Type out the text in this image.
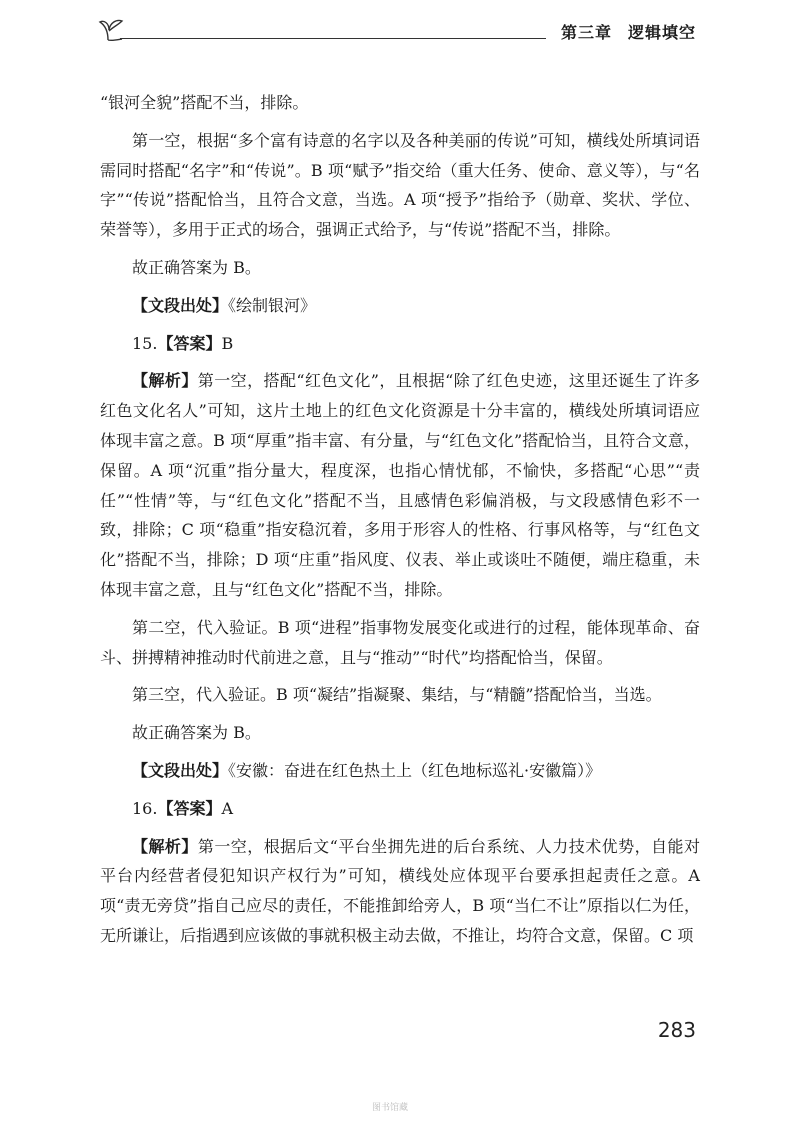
第三章 逻辑填空

“银河全貌”搭配不当，排除。

第一空，根据“多个富有诗意的名字以及各种美丽的传说”可知，横线处所填词语需同时搭配“名字”和“传说”。B 项“赋予”指交给（重大任务、使命、意义等），与“名字”“传说”搭配恰当，且符合文意，当选。A 项“授予”指给予（勋章、奖状、学位、荣誉等），多用于正式的场合，强调正式给予，与“传说”搭配不当，排除。

故正确答案为 B。

【文段出处】《绘制银河》

15.【答案】B

【解析】第一空，搭配“红色文化”，且根据“除了红色史迹，这里还诞生了许多红色文化名人”可知，这片土地上的红色文化资源是十分丰富的，横线处所填词语应体现丰富之意。B 项“厚重”指丰富、有分量，与“红色文化”搭配恰当，且符合文意，保留。A 项“沉重”指分量大，程度深，也指心情忧郁，不愉快，多搭配“心思”“责任”“性情”等，与“红色文化”搭配不当，且感情色彩偏消极，与文段感情色彩不一致，排除；C 项“稳重”指安稳沉着，多用于形容人的性格、行事风格等，与“红色文化”搭配不当，排除；D 项“庄重”指风度、仪表、举止或谈吐不随便，端庄稳重，未体现丰富之意，且与“红色文化”搭配不当，排除。

第二空，代入验证。B 项“进程”指事物发展变化或进行的过程，能体现革命、奋斗、拼搏精神推动时代前进之意，且与“推动”“时代”均搭配恰当，保留。

第三空，代入验证。B 项“凝结”指凝聚、集结，与“精髓”搭配恰当，当选。

故正确答案为 B。

【文段出处】《安徽：奋进在红色热土上（红色地标巡礼·安徽篇）》

16.【答案】A

【解析】第一空，根据后文“平台坐拥先进的后台系统、人力技术优势，自能对平台内经营者侵犯知识产权行为”可知，横线处应体现平台要承担起责任之意。A 项“责无旁贷”指自己应尽的责任，不能推卸给旁人，B 项“当仁不让”原指以仁为任，无所谦让，后指遇到应该做的事就积极主动去做，不推让，均符合文意，保留。C 项

283
图书馆藏
